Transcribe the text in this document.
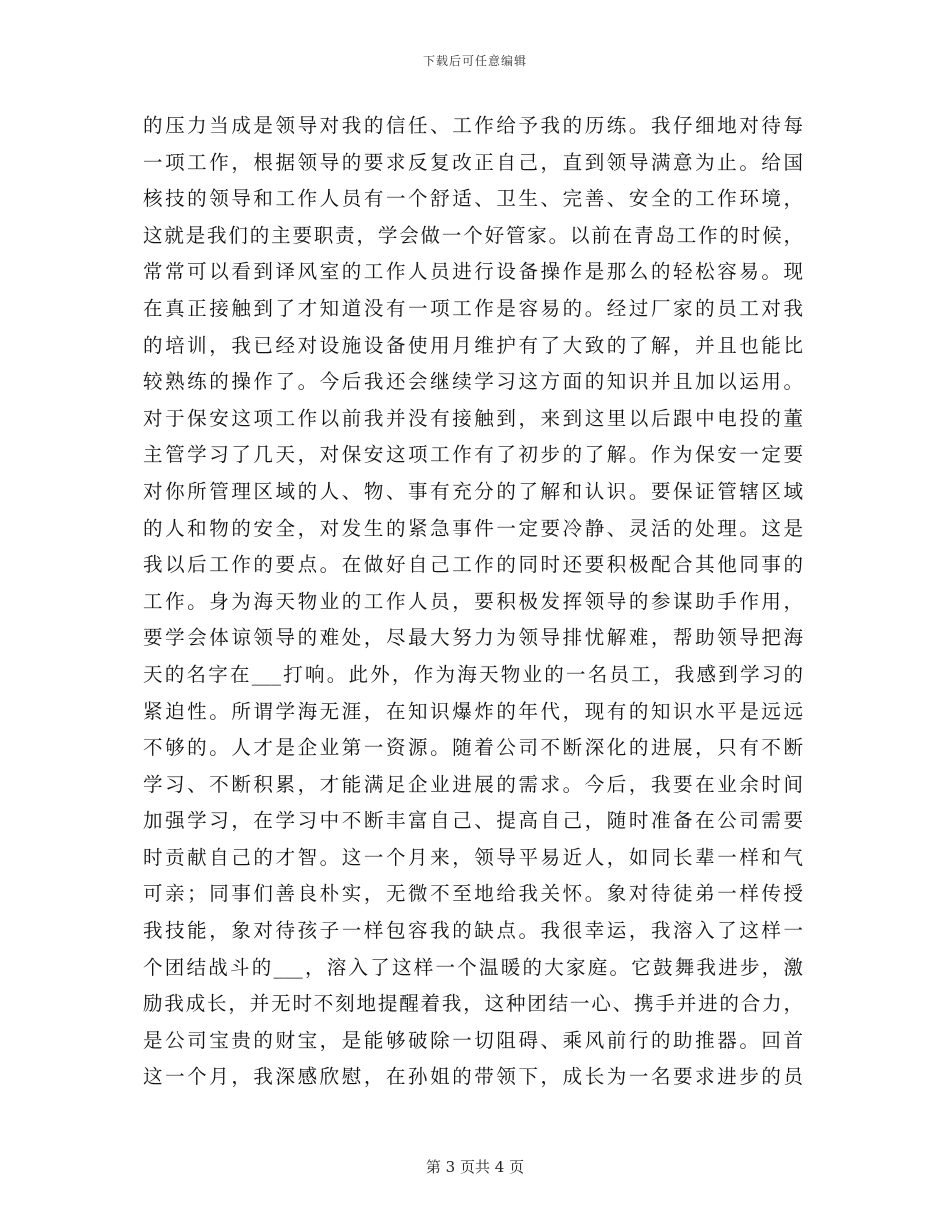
下载后可任意编辑
的压力当成是领导对我的信任、工作给予我的历练。我仔细地对待每
一项工作，根据领导的要求反复改正自己，直到领导满意为止。给国
核技的领导和工作人员有一个舒适、卫生、完善、安全的工作环境，
这就是我们的主要职责，学会做一个好管家。以前在青岛工作的时候，
常常可以看到译风室的工作人员进行设备操作是那么的轻松容易。现
在真正接触到了才知道没有一项工作是容易的。经过厂家的员工对我
的培训，我已经对设施设备使用月维护有了大致的了解，并且也能比
较熟练的操作了。今后我还会继续学习这方面的知识并且加以运用。
对于保安这项工作以前我并没有接触到，来到这里以后跟中电投的董
主管学习了几天，对保安这项工作有了初步的了解。作为保安一定要
对你所管理区域的人、物、事有充分的了解和认识。要保证管辖区域
的人和物的安全，对发生的紧急事件一定要冷静、灵活的处理。这是
我以后工作的要点。在做好自己工作的同时还要积极配合其他同事的
工作。身为海天物业的工作人员，要积极发挥领导的参谋助手作用，
要学会体谅领导的难处，尽最大努力为领导排忧解难，帮助领导把海
天的名字在___打响。此外，作为海天物业的一名员工，我感到学习的
紧迫性。所谓学海无涯，在知识爆炸的年代，现有的知识水平是远远
不够的。人才是企业第一资源。随着公司不断深化的进展，只有不断
学习、不断积累，才能满足企业进展的需求。今后，我要在业余时间
加强学习，在学习中不断丰富自己、提高自己，随时准备在公司需要
时贡献自己的才智。这一个月来，领导平易近人，如同长辈一样和气
可亲；同事们善良朴实，无微不至地给我关怀。象对待徒弟一样传授
我技能，象对待孩子一样包容我的缺点。我很幸运，我溶入了这样一
个团结战斗的___，溶入了这样一个温暖的大家庭。它鼓舞我进步，激
励我成长，并无时不刻地提醒着我，这种团结一心、携手并进的合力，
是公司宝贵的财宝，是能够破除一切阻碍、乘风前行的助推器。回首
这一个月，我深感欣慰，在孙姐的带领下，成长为一名要求进步的员
第 3 页共 4 页
